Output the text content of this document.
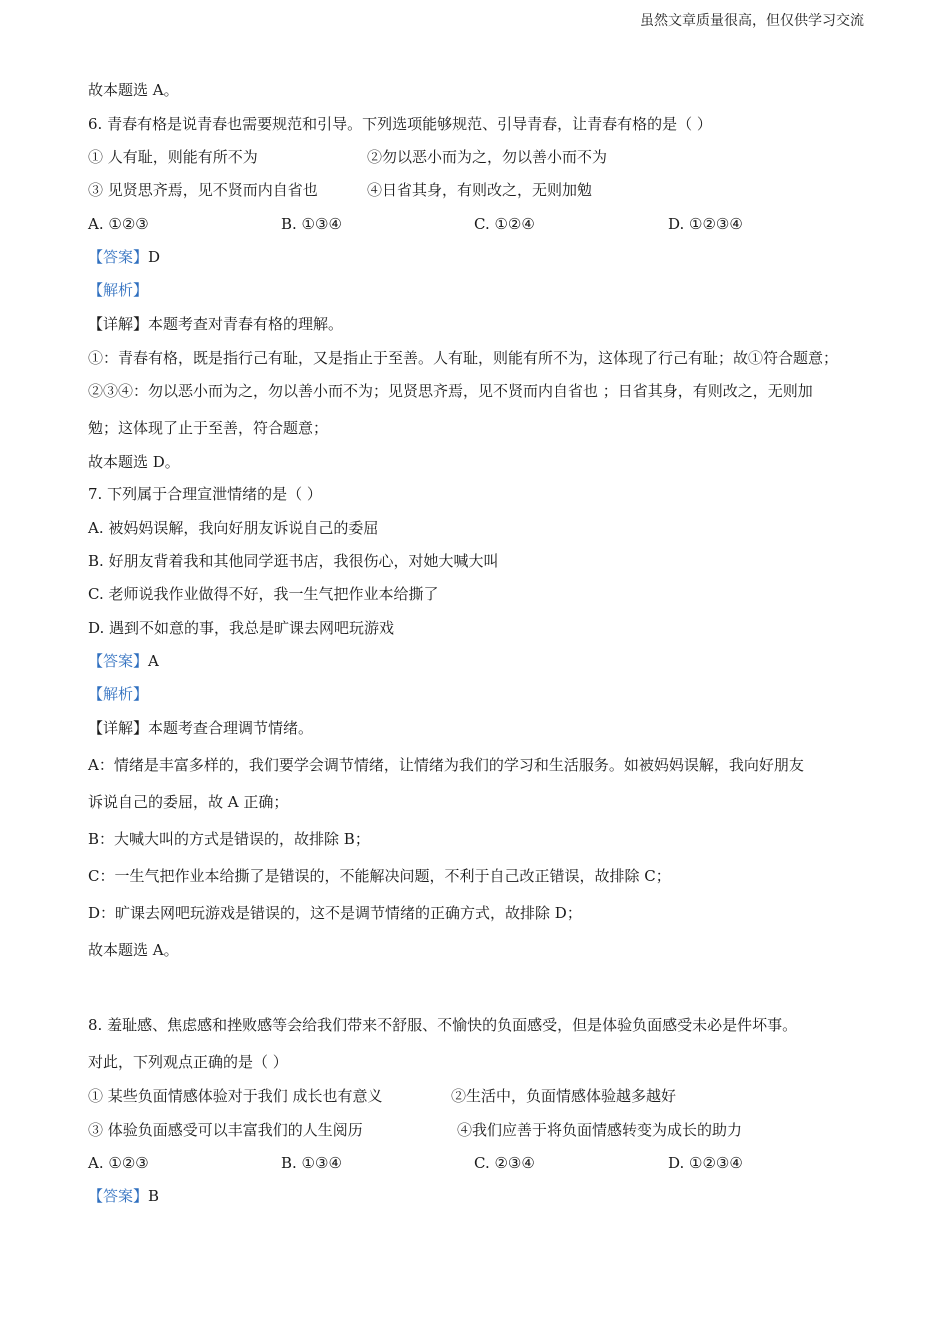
虽然文章质量很高，但仅供学习交流
故本题选 A。
6. 青春有格是说青春也需要规范和引导。下列选项能够规范、引导青春，让青春有格的是（ ）
① 人有耻，则能有所不为	②勿以恶小而为之，勿以善小而不为
③ 见贤思齐焉，见不贤而内自省也	④日省其身，有则改之，无则加勉
A. ①②③	B. ①③④	C. ①②④	D. ①②③④
【答案】D
【解析】
【详解】本题考查对青春有格的理解。
①：青春有格，既是指行己有耻，又是指止于至善。人有耻，则能有所不为，这体现了行己有耻；故①符合题意；
②③④：勿以恶小而为之，勿以善小而不为；见贤思齐焉，见不贤而内自省也 ；日省其身，有则改之，无则加
勉；这体现了止于至善，符合题意；
故本题选 D。
7. 下列属于合理宣泄情绪的是（ ）
A. 被妈妈误解，我向好朋友诉说自己的委屈
B. 好朋友背着我和其他同学逛书店，我很伤心，对她大喊大叫
C. 老师说我作业做得不好，我一生气把作业本给撕了
D. 遇到不如意的事，我总是旷课去网吧玩游戏
【答案】A
【解析】
【详解】本题考查合理调节情绪。
A：情绪是丰富多样的，我们要学会调节情绪，让情绪为我们的学习和生活服务。如被妈妈误解，我向好朋友
诉说自己的委屈，故 A 正确；
B：大喊大叫的方式是错误的，故排除 B；
C：一生气把作业本给撕了是错误的，不能解决问题，不利于自己改正错误，故排除 C；
D：旷课去网吧玩游戏是错误的，这不是调节情绪的正确方式，故排除 D；
故本题选 A。
8. 羞耻感、焦虑感和挫败感等会给我们带来不舒服、不愉快的负面感受，但是体验负面感受未必是件坏事。
对此，下列观点正确的是（ ）
① 某些负面情感体验对于我们 成长也有意义	②生活中，负面情感体验越多越好
③ 体验负面感受可以丰富我们的人生阅历	④我们应善于将负面情感转变为成长的助力
A. ①②③	B. ①③④	C. ②③④	D. ①②③④
【答案】B
